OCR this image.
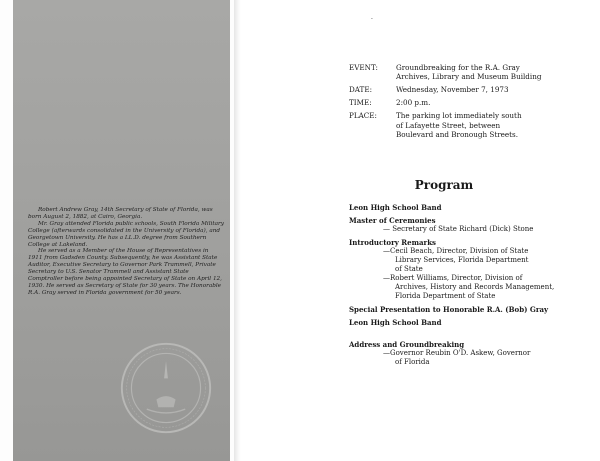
Robert Andrew Gray, 14th Secretary of State of Florida, was born August 2, 1882, at Cairo, Georgia.

Mr. Gray attended Florida public schools, South Florida Military College (afterwards consolidated in the University of Florida), and Georgetown University. He has a LL.D. degree from Southern College at Lakeland.

He served as a Member of the House of Representatives in 1911 from Gadsden County. Subsequently, he was Assistant State Auditor, Executive Secretary to Governor Park Trammell, Private Secretary to U.S. Senator Trammell and Assistant State Comptroller before being appointed Secretary of State on April 12, 1930. He served as Secretary of State for 30 years. The Honorable R.A. Gray served in Florida government for 50 years.

·
EVENT:	Groundbreaking for the R.A. Gray
Archives, Library and Museum Building
DATE:	Wednesday, November 7, 1973
TIME:	2:00 p.m.
PLACE:	The parking lot immediately south
of Lafayette Street, between
Boulevard and Bronough Streets.
Program
Leon High School Band
Master of Ceremonies
— Secretary of State Richard (Dick) Stone
Introductory Remarks
—Cecil Beach, Director, Division of State
Library Services, Florida Department
of State
—Robert Williams, Director, Division of
Archives, History and Records Management,
Florida Department of State
Special Presentation to Honorable R.A. (Bob) Gray
Leon High School Band
Address and Groundbreaking
—Governor Reubin O'D. Askew, Governor
of Florida
